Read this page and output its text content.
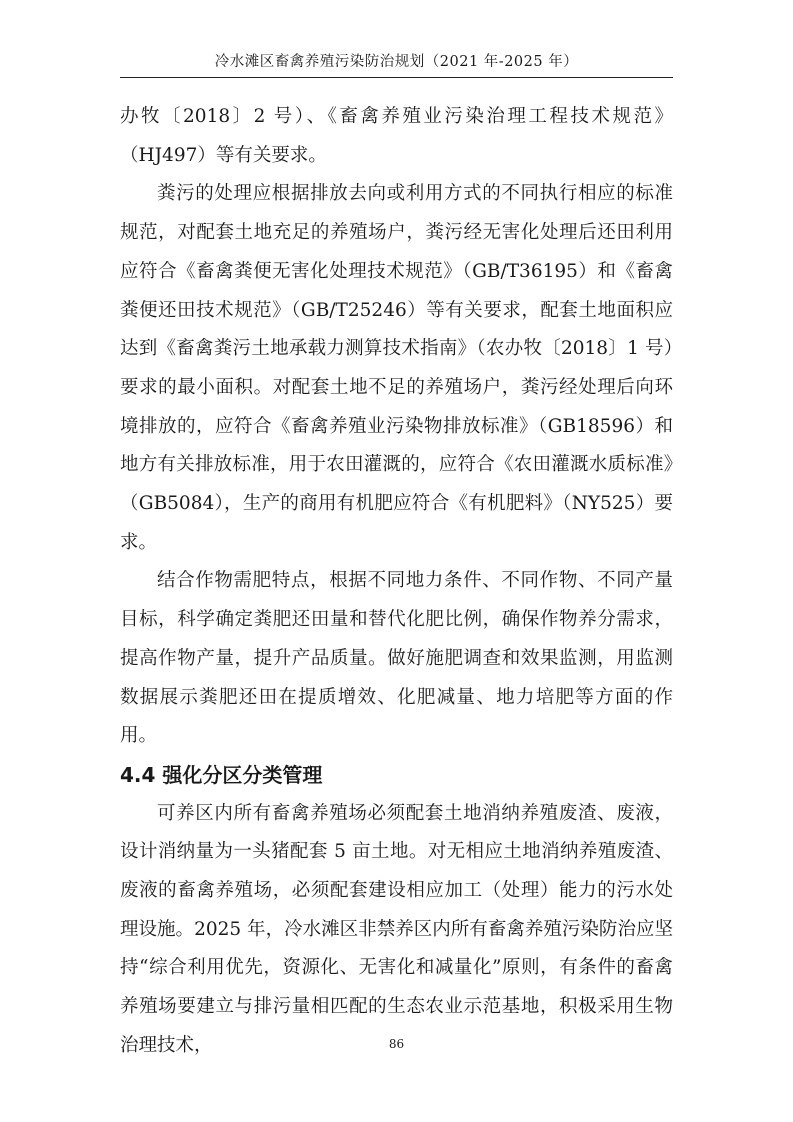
冷水滩区畜禽养殖污染防治规划（2021 年-2025 年）

办牧〔2018〕2 号）、《畜禽养殖业污染治理工程技术规范》（HJ497）等有关要求。

粪污的处理应根据排放去向或利用方式的不同执行相应的标准规范，对配套土地充足的养殖场户，粪污经无害化处理后还田利用应符合《畜禽粪便无害化处理技术规范》（GB/T36195）和《畜禽粪便还田技术规范》（GB/T25246）等有关要求，配套土地面积应达到《畜禽粪污土地承载力测算技术指南》（农办牧〔2018〕1 号）要求的最小面积。对配套土地不足的养殖场户，粪污经处理后向环境排放的，应符合《畜禽养殖业污染物排放标准》（GB18596）和地方有关排放标准，用于农田灌溉的，应符合《农田灌溉水质标准》（GB5084），生产的商用有机肥应符合《有机肥料》（NY525）要求。

结合作物需肥特点，根据不同地力条件、不同作物、不同产量目标，科学确定粪肥还田量和替代化肥比例，确保作物养分需求，提高作物产量，提升产品质量。做好施肥调查和效果监测，用监测数据展示粪肥还田在提质增效、化肥减量、地力培肥等方面的作用。

4.4 强化分区分类管理

可养区内所有畜禽养殖场必须配套土地消纳养殖废渣、废液，设计消纳量为一头猪配套 5 亩土地。对无相应土地消纳养殖废渣、废液的畜禽养殖场，必须配套建设相应加工（处理）能力的污水处理设施。2025 年，冷水滩区非禁养区内所有畜禽养殖污染防治应坚持“综合利用优先，资源化、无害化和减量化”原则，有条件的畜禽养殖场要建立与排污量相匹配的生态农业示范基地，积极采用生物治理技术，	86
